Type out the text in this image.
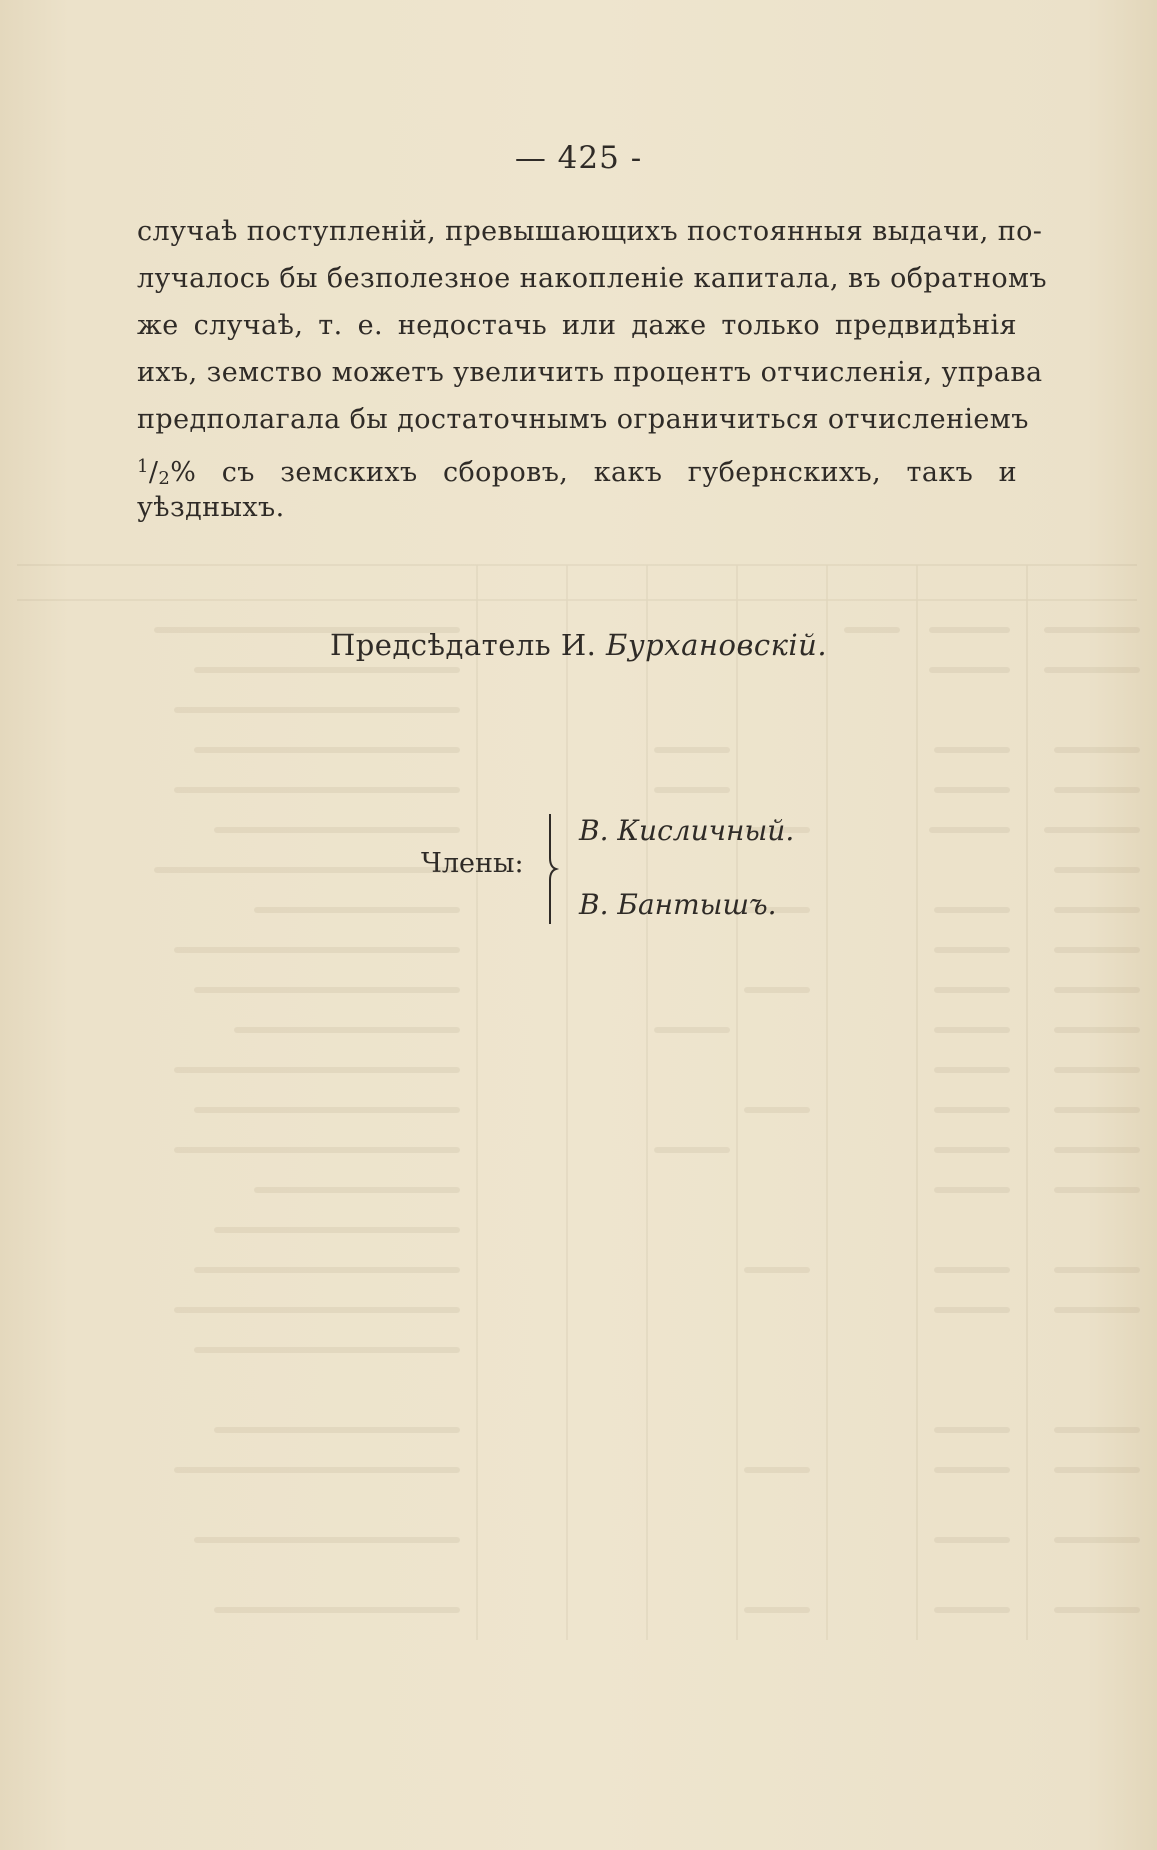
— 425 -
случаѣ поступленій, превышающихъ постоянныя выдачи, по-
лучалось бы безполезное накопленіе капитала, въ обратномъ
же случаѣ, т. е. недостачь или даже только предвидѣнія
ихъ, земство можетъ увеличить процентъ отчисленія, управа
предполагала бы достаточнымъ ограничиться отчисленіемъ
$^1/_2\%$ съ земскихъ сборовъ, какъ губернскихъ, такъ и
уѣздныхъ.
Предсѣдатель И. Бурхановскій.
Члены:
В. Кисличный.
В. Бантышъ.
